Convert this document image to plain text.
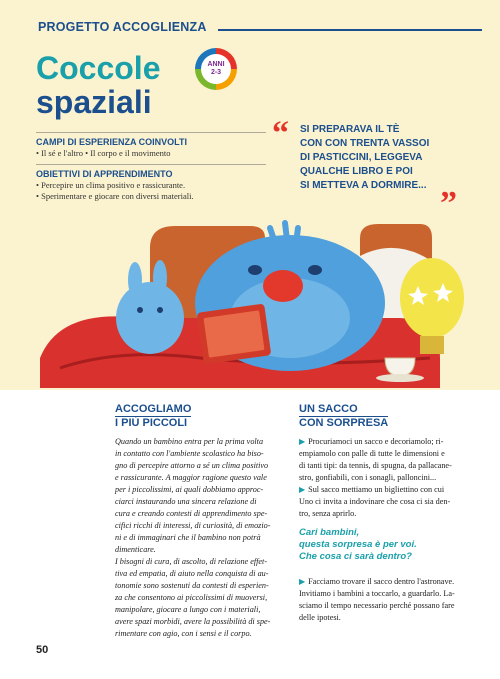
PROGETTO ACCOGLIENZA
Coccole
spaziali
ANNI
2-3
CAMPI DI ESPERIENZA COINVOLTI

• Il sé e l'altro • Il corpo e il movimento

OBIETTIVI DI APPRENDIMENTO

• Percepire un clima positivo e rassicurante.

• Sperimentare e giocare con diversi materiali.

“ SI PREPARAVA IL TÈ

CON CON TRENTA VASSOI

DI PASTICCINI, LEGGEVA

QUALCHE LIBRO E POI

SI METTEVA A DORMIRE... ”
ACCOGLIAMO
I PIÙ PICCOLI

Quando un bambino entra per la prima volta

in contatto con l'ambiente scolastico ha biso-

gno di percepire attorno a sé un clima positivo

e rassicurante. A maggior ragione questo vale

per i piccolissimi, ai quali dobbiamo approc-

ciarci instaurando una sincera relazione di

cura e creando contesti di apprendimento spe-

cifici ricchi di interessi, di curiosità, di emozio-

ni e di immaginari che il bambino non potrà

dimenticare.

I bisogni di cura, di ascolto, di relazione effet-

tiva ed empatia, di aiuto nella conquista di au-

tonomie sono sostenuti da contesti di esperien-

za che consentono ai piccolissimi di muoversi,

manipolare, giocare a lungo con i materiali,

avere spazi morbidi, avere la possibilità di spe-

rimentare con agio, con i sensi e il corpo.

UN SACCO
CON SORPRESA

▶ Procuriamoci un sacco e decoriamolo; ri-

empiamolo con palle di tutte le dimensioni e

di tanti tipi: da tennis, di spugna, da pallacane-

stro, gonfiabili, con i sonagli, palloncini...

▶ Sul sacco mettiamo un bigliettino con cui

Uno ci invita a indovinare che cosa ci sia den-

tro, senza aprirlo.

Cari bambini,
questa sorpresa è per voi.
Che cosa ci sarà dentro?

▶ Facciamo trovare il sacco dentro l'astronave.

Invitiamo i bambini a toccarlo, a guardarlo. La-

sciamo il tempo necessario perché possano fare

delle ipotesi.

50
